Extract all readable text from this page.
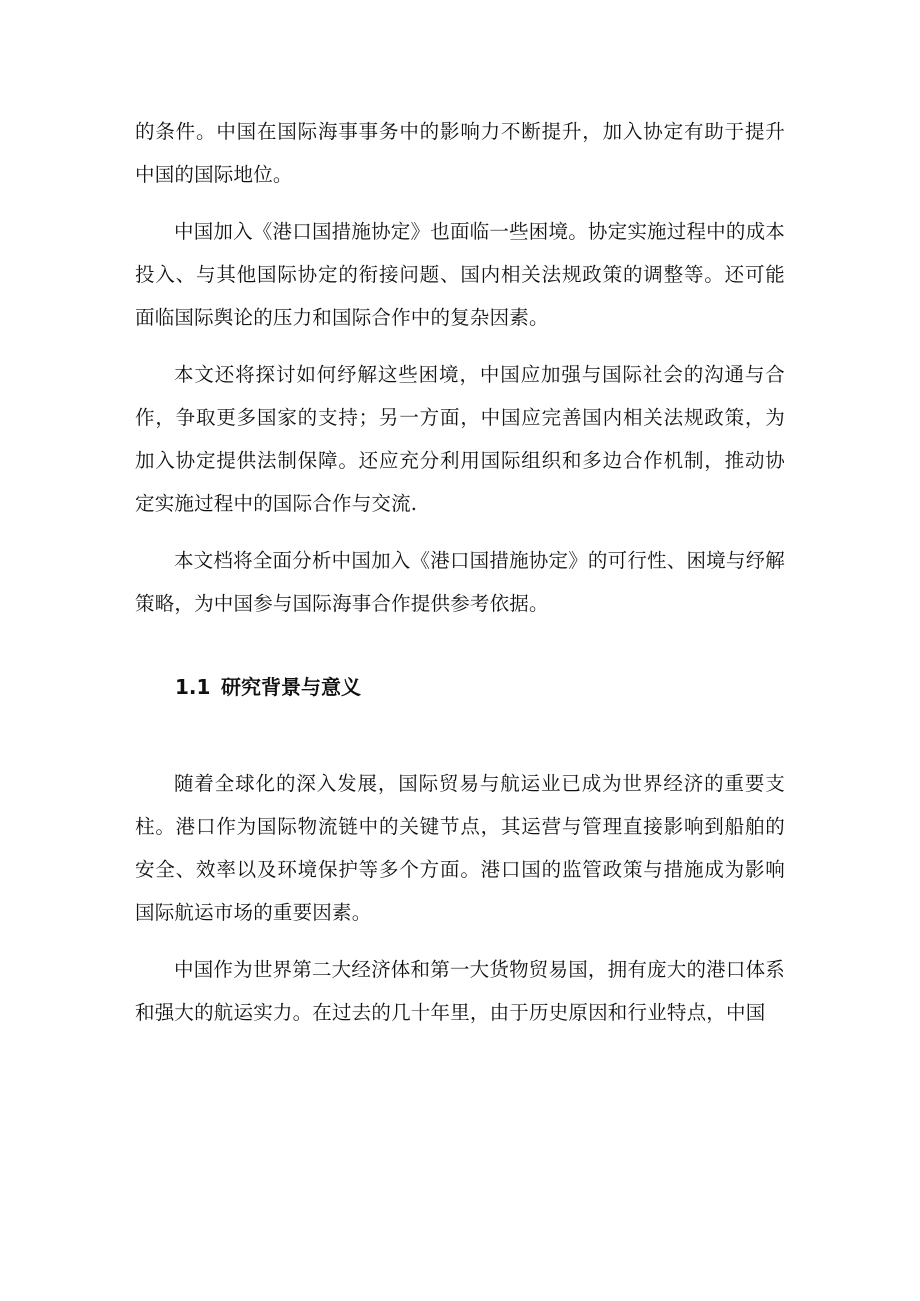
的条件。中国在国际海事事务中的影响力不断提升，加入协定有助于提升中国的国际地位。

中国加入《港口国措施协定》也面临一些困境。协定实施过程中的成本投入、与其他国际协定的衔接问题、国内相关法规政策的调整等。还可能面临国际舆论的压力和国际合作中的复杂因素。

本文还将探讨如何纾解这些困境，中国应加强与国际社会的沟通与合作，争取更多国家的支持；另一方面，中国应完善国内相关法规政策，为加入协定提供法制保障。还应充分利用国际组织和多边合作机制，推动协定实施过程中的国际合作与交流.

本文档将全面分析中国加入《港口国措施协定》的可行性、困境与纾解策略，为中国参与国际海事合作提供参考依据。

1.1 研究背景与意义

随着全球化的深入发展，国际贸易与航运业已成为世界经济的重要支柱。港口作为国际物流链中的关键节点，其运营与管理直接影响到船舶的安全、效率以及环境保护等多个方面。港口国的监管政策与措施成为影响国际航运市场的重要因素。

中国作为世界第二大经济体和第一大货物贸易国，拥有庞大的港口体系和强大的航运实力。在过去的几十年里，由于历史原因和行业特点，中国
